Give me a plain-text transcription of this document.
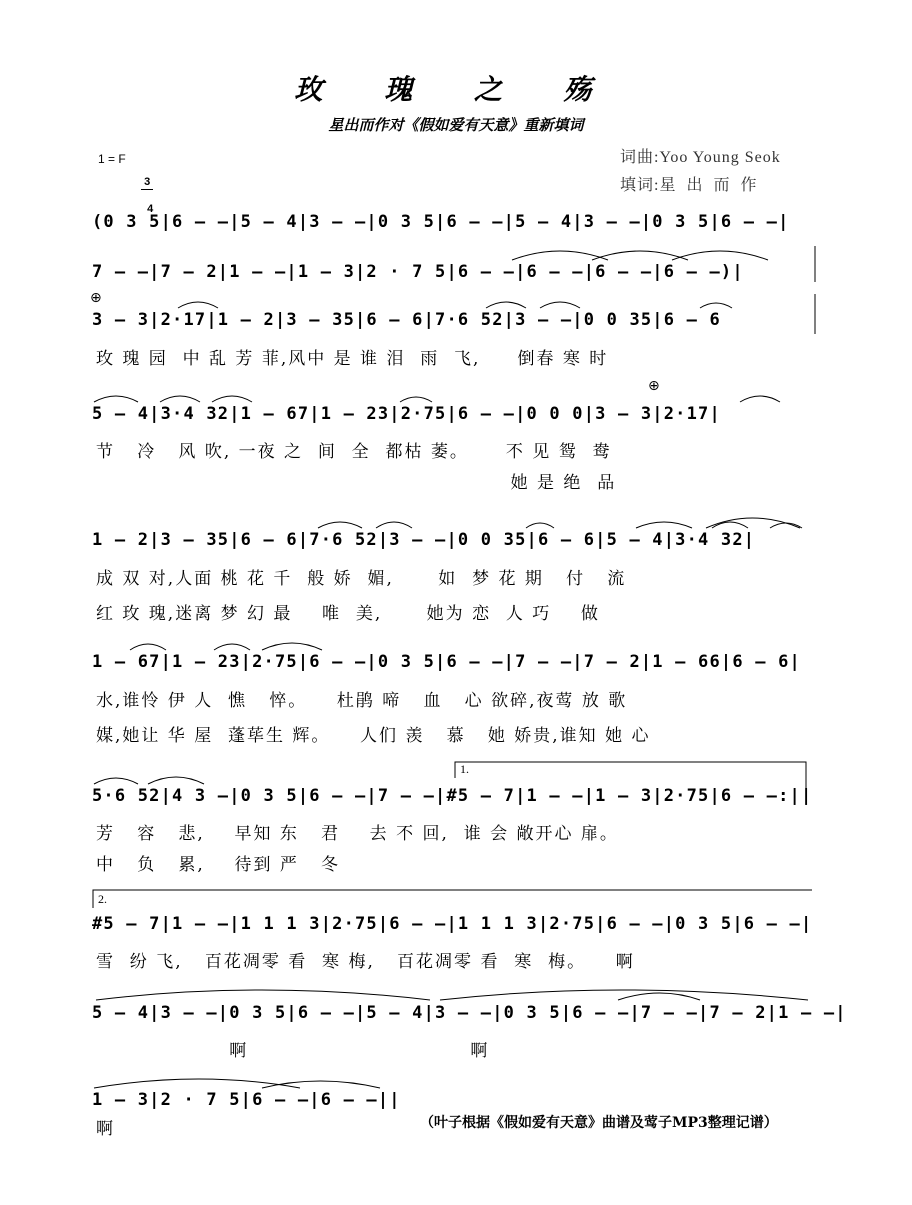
玫 瑰 之 殇
星出而作对《假如爱有天意》重新填词
1 = F

$\frac{3}{4}$	词曲:Yoo Young Seok
填词:星  出  而  作
(0 3 5|6 — —|5 — 4|3 — —|0 3 5|6 — —|5 — 4|3 — —|0 3 5|6 — —|
7 — —|7 — 2|1 — —|1 — 3|2 · 7 5|6 — —|6 — —|6 — —|6 — —)|
3 — 3|2·17|1 — 2|3 — 35|6 — 6|7·6 52|3 — —|0 0 35|6 — 6
玫 瑰 园  中 乱 芳 菲,风中 是 谁 泪  雨  飞,     倒春 寒 时
5 — 4|3·4 32|1 — 67|1 — 23|2·75|6 — —|0 0 0|3 — 3|2·17|
节   冷   风 吹, 一夜 之  间  全  都枯 萎。     不 见 鸳  鸯
她 是 绝  品
1 — 2|3 — 35|6 — 6|7·6 52|3 — —|0 0 35|6 — 6|5 — 4|3·4 32|
成 双 对,人面 桃 花 千  般 娇  媚,      如  梦 花 期   付   流
红 玫 瑰,迷离 梦 幻 最    唯  美,      她为 恋  人 巧    做
1 — 67|1 — 23|2·75|6 — —|0 3 5|6 — —|7 — —|7 — 2|1 — 66|6 — 6|
水,谁怜 伊 人  憔   悴。    杜鹃 啼   血   心 欲碎,夜莺 放 歌
媒,她让 华 屋  蓬荜生 辉。    人们 羡   慕   她 娇贵,谁知 她 心
5·6 52|4 3 —|0 3 5|6 — —|7 — —|#5 — 7|1 — —|1 — 3|2·75|6 — —:||
芳   容   悲,    早知 东   君    去 不 回,  谁 会 敞开心 扉。
中   负   累,    待到 严   冬
#5 — 7|1 — —|1 1 1 3|2·75|6 — —|1 1 1 3|2·75|6 — —|0 3 5|6 — —|
雪  纷 飞,   百花凋零 看  寒 梅,   百花凋零 看  寒  梅。    啊
5 — 4|3 — —|0 3 5|6 — —|5 — 4|3 — —|0 3 5|6 — —|7 — —|7 — 2|1 — —|
啊                              啊
1 — 3|2 · 7 5|6 — —|6 — —||
啊
1.
2.
⊕
⊕
（叶子根据《假如爱有天意》曲谱及莺子MP3整理记谱）
